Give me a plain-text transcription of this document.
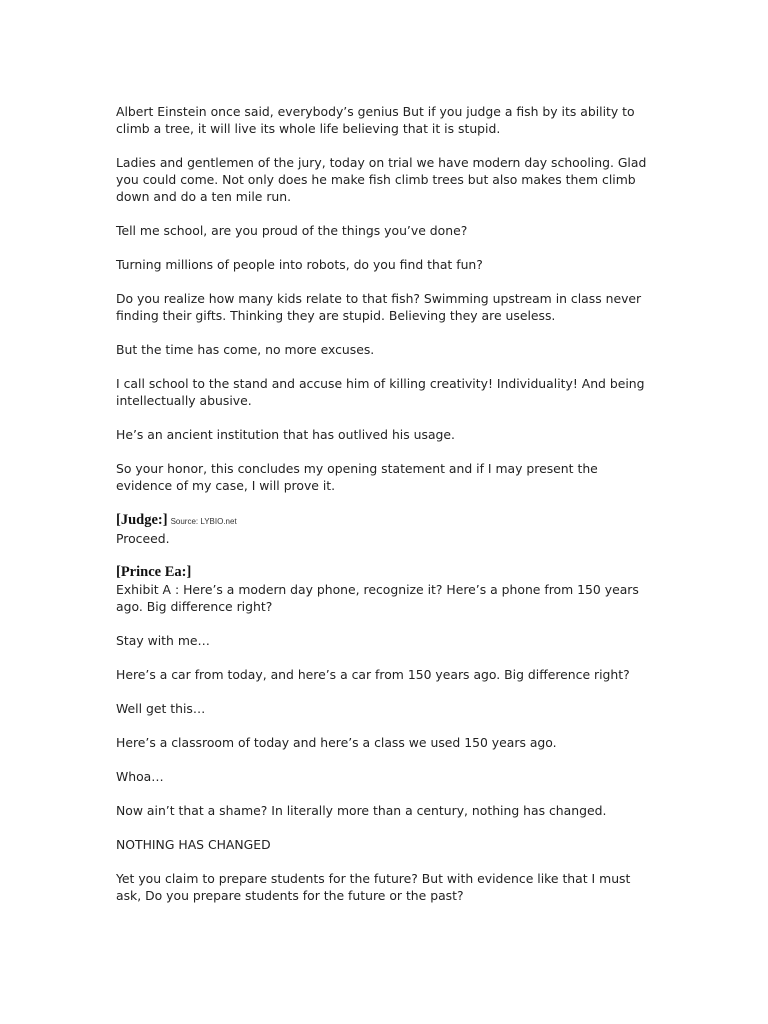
Albert Einstein once said, everybody’s genius But if you judge a fish by its ability to climb a tree, it will live its whole life believing that it is stupid.

Ladies and gentlemen of the jury, today on trial we have modern day schooling. Glad you could come. Not only does he make fish climb trees but also makes them climb down and do a ten mile run.

Tell me school, are you proud of the things you’ve done?

Turning millions of people into robots, do you find that fun?

Do you realize how many kids relate to that fish? Swimming upstream in class never finding their gifts. Thinking they are stupid. Believing they are useless.

But the time has come, no more excuses.

I call school to the stand and accuse him of killing creativity! Individuality! And being intellectually abusive.

He’s an ancient institution that has outlived his usage.

So your honor, this concludes my opening statement and if I may present the evidence of my case, I will prove it.

[Judge:] Source: LYBIO.net
Proceed.
[Prince Ea:]
Exhibit A : Here’s a modern day phone, recognize it? Here’s a phone from 150 years ago. Big difference right?

Stay with me…

Here’s a car from today, and here’s a car from 150 years ago. Big difference right?

Well get this…

Here’s a classroom of today and here’s a class we used 150 years ago.

Whoa…

Now ain’t that a shame? In literally more than a century, nothing has changed.

NOTHING HAS CHANGED

Yet you claim to prepare students for the future? But with evidence like that I must ask, Do you prepare students for the future or the past?
